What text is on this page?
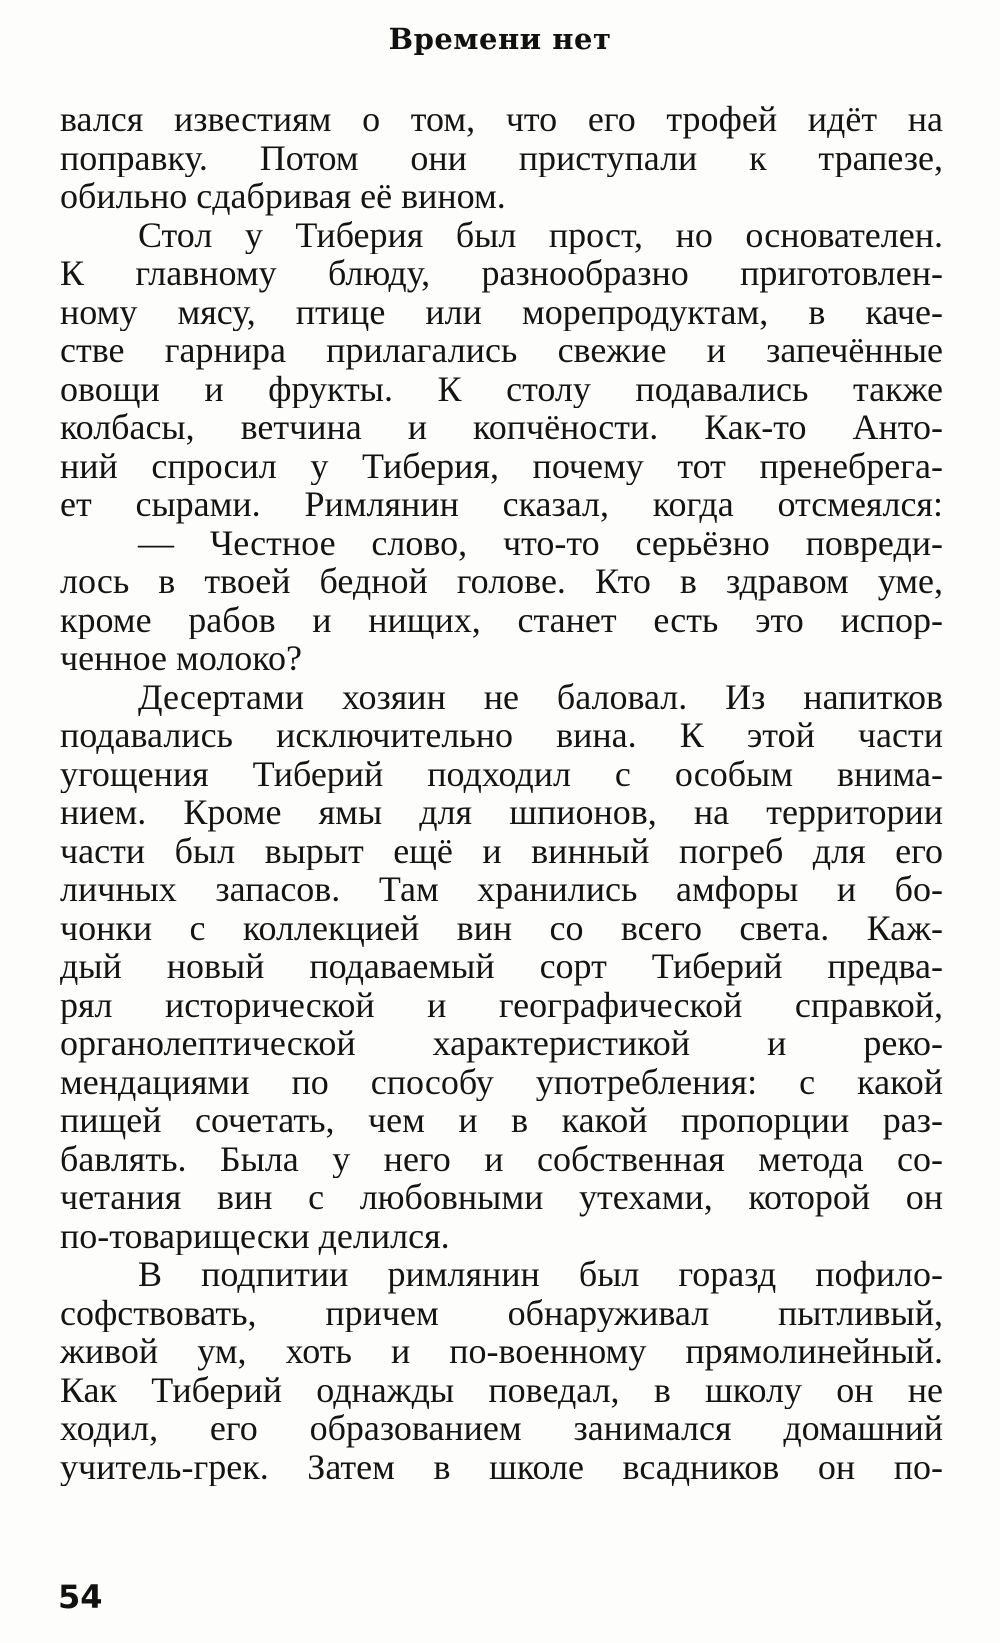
Времени нет
вался известиям о том, что его трофей идёт на
поправку. Потом они приступали к трапезе,
обильно сдабривая её вином.
Стол у Тиберия был прост, но основателен.
К главному блюду, разнообразно приготовлен-
ному мясу, птице или морепродуктам, в каче-
стве гарнира прилагались свежие и запечённые
овощи и фрукты. К столу подавались также
колбасы, ветчина и копчёности. Как-то Анто-
ний спросил у Тиберия, почему тот пренебрега-
ет сырами. Римлянин сказал, когда отсмеялся:
— Честное слово, что-то серьёзно повреди-
лось в твоей бедной голове. Кто в здравом уме,
кроме рабов и нищих, станет есть это испор-
ченное молоко?
Десертами хозяин не баловал. Из напитков
подавались исключительно вина. К этой части
угощения Тиберий подходил с особым внима-
нием. Кроме ямы для шпионов, на территории
части был вырыт ещё и винный погреб для его
личных запасов. Там хранились амфоры и бо-
чонки с коллекцией вин со всего света. Каж-
дый новый подаваемый сорт Тиберий предва-
рял исторической и географической справкой,
органолептической характеристикой и реко-
мендациями по способу употребления: с какой
пищей сочетать, чем и в какой пропорции раз-
бавлять. Была у него и собственная метода со-
четания вин с любовными утехами, которой он
по-товарищески делился.
В подпитии римлянин был горазд пофило-
софствовать, причем обнаруживал пытливый,
живой ум, хоть и по-военному прямолинейный.
Как Тиберий однажды поведал, в школу он не
ходил, его образованием занимался домашний
учитель-грек. Затем в школе всадников он по-
54
